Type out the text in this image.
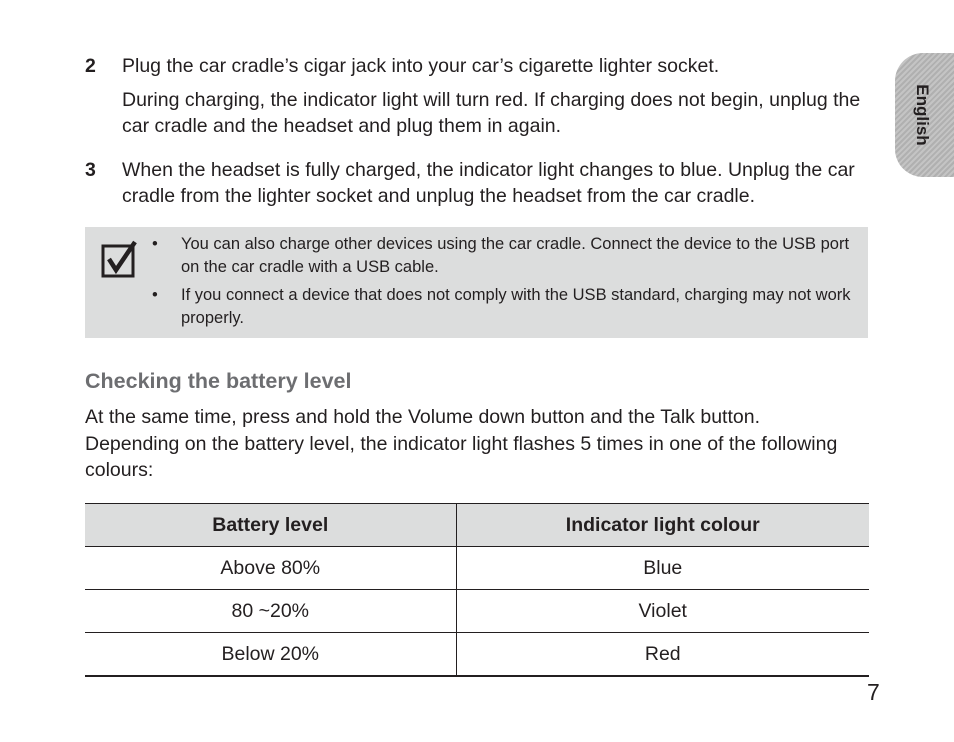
English
2 Plug the car cradle’s cigar jack into your car’s cigarette lighter socket.

During charging, the indicator light will turn red. If charging does not begin, unplug the car cradle and the headset and plug them in again.

3 When the headset is fully charged, the indicator light changes to blue. Unplug the car cradle from the lighter socket and unplug the headset from the car cradle.

• You can also charge other devices using the car cradle. Connect the device to the USB port on the car cradle with a USB cable.
• If you connect a device that does not comply with the USB standard, charging may not work properly.
Checking the battery level

At the same time, press and hold the Volume down button and the Talk button. Depending on the battery level, the indicator light flashes 5 times in one of the following colours:

Battery level	Indicator light colour
Above 80%	Blue
80 ~20%	Violet
Below 20%	Red
7
